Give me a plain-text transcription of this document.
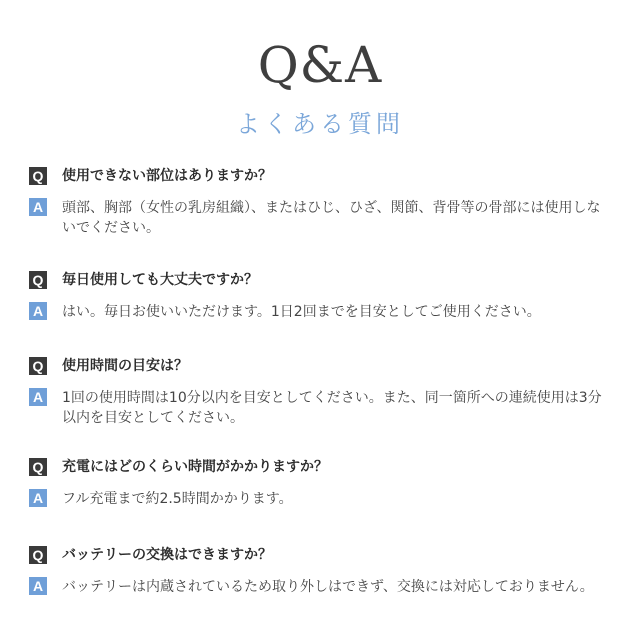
Q&A
よくある質問
Q 使用できない部位はありますか？
A 頭部、胸部（女性の乳房組織）、またはひじ、ひざ、関節、背骨等の骨部には使用しないでください。
Q 毎日使用しても大丈夫ですか？
A はい。毎日お使いいただけます。1日2回までを目安としてご使用ください。
Q 使用時間の目安は？
A 1回の使用時間は10分以内を目安としてください。また、同一箇所への連続使用は3分以内を目安としてください。
Q 充電にはどのくらい時間がかかりますか？
A フル充電まで約2.5時間かかります。
Q バッテリーの交換はできますか？
A バッテリーは内蔵されているため取り外しはできず、交換には対応しておりません。
